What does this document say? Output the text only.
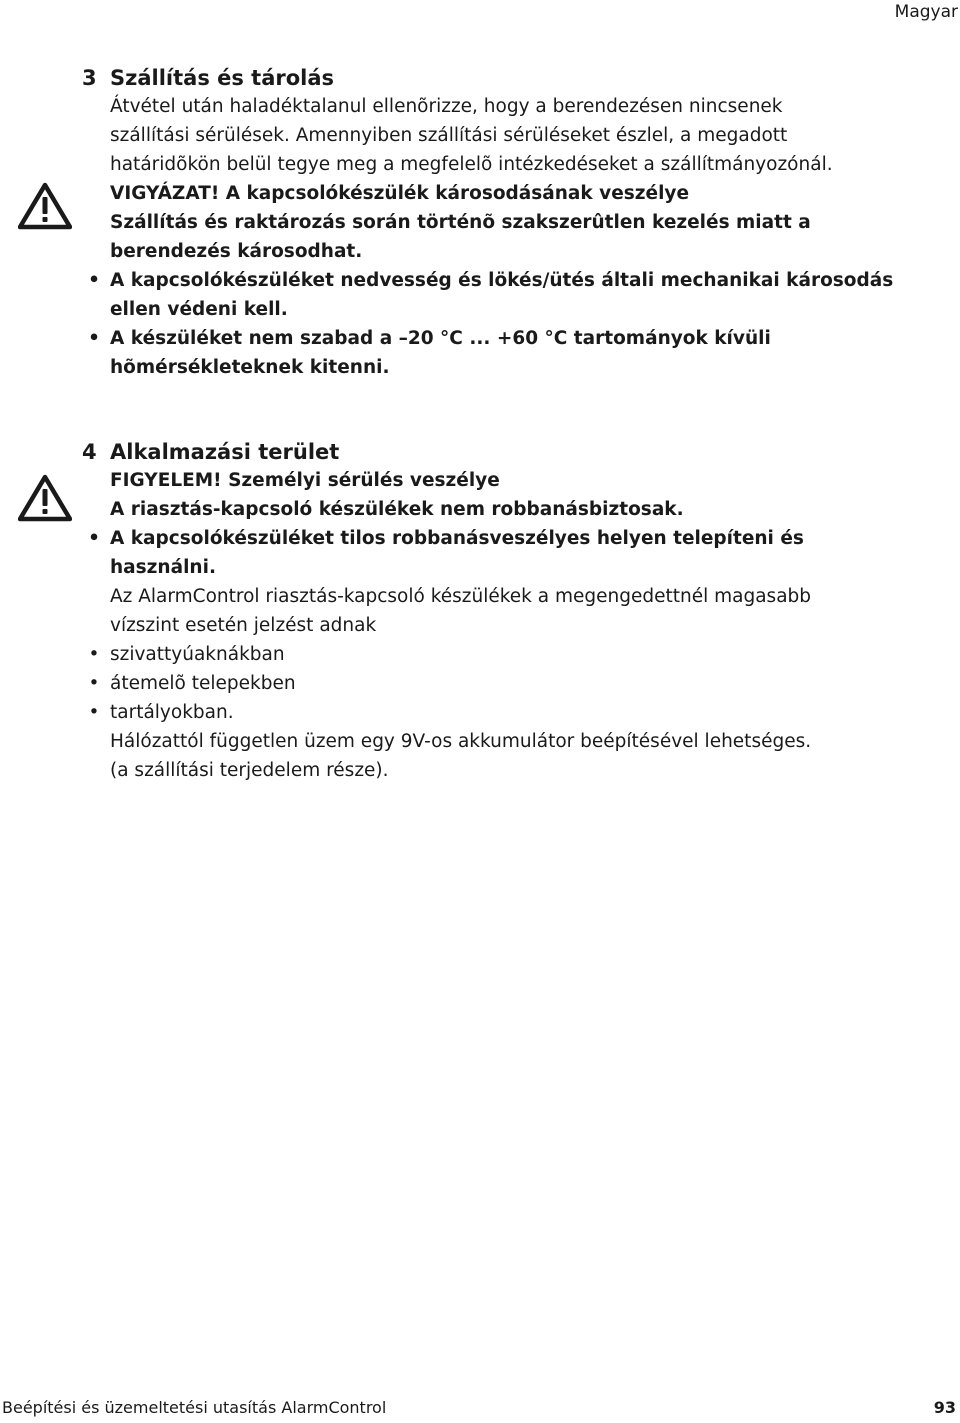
Magyar
3 Szállítás és tárolás

Átvétel után haladéktalanul ellenõrizze, hogy a berendezésen nincsenek

szállítási sérülések. Amennyiben szállítási sérüléseket észlel, a megadott

határidõkön belül tegye meg a megfelelõ intézkedéseket a szállítmányozónál.

VIGYÁZAT! A kapcsolókészülék károsodásának veszélye

Szállítás és raktározás során történõ szakszerûtlen kezelés miatt a

berendezés károsodhat.

• A kapcsolókészüléket nedvesség és lökés/ütés általi mechanikai károsodás

ellen védeni kell.

• A készüléket nem szabad a –20 °C ... +60 °C tartományok kívüli

hõmérsékleteknek kitenni.

4 Alkalmazási terület

FIGYELEM! Személyi sérülés veszélye

A riasztás-kapcsoló készülékek nem robbanásbiztosak.

• A kapcsolókészüléket tilos robbanásveszélyes helyen telepíteni és

használni.

Az AlarmControl riasztás-kapcsoló készülékek a megengedettnél magasabb

vízszint esetén jelzést adnak

• szivattyúaknákban

• átemelõ telepekben

• tartályokban.

Hálózattól független üzem egy 9V-os akkumulátor beépítésével lehetséges.

(a szállítási terjedelem része).

Beépítési és üzemeltetési utasítás AlarmControl	93
